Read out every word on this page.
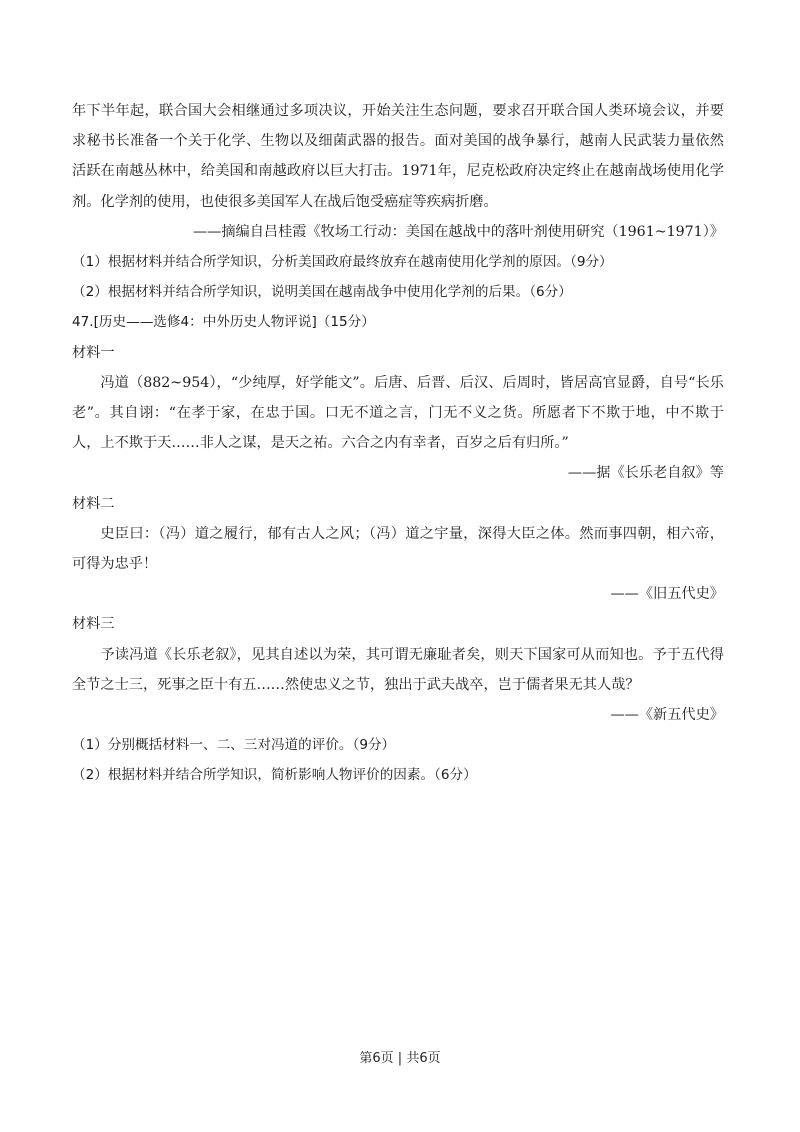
年下半年起，联合国大会相继通过多项决议，开始关注生态问题，要求召开联合国人类环境会议，并要求秘书长准备一个关于化学、生物以及细菌武器的报告。面对美国的战争暴行，越南人民武装力量依然活跃在南越丛林中，给美国和南越政府以巨大打击。1971年，尼克松政府决定终止在越南战场使用化学剂。化学剂的使用，也使很多美国军人在战后饱受癌症等疾病折磨。

——摘编自吕桂霞《牧场工行动：美国在越战中的落叶剂使用研究（1961~1971）》

（1）根据材料并结合所学知识，分析美国政府最终放弃在越南使用化学剂的原因。（9分）

（2）根据材料并结合所学知识，说明美国在越南战争中使用化学剂的后果。（6分）

47.[历史——选修4：中外历史人物评说]（15分）

材料一

冯道（882~954），“少纯厚，好学能文”。后唐、后晋、后汉、后周时，皆居高官显爵，自号“长乐老”。其自诩：“在孝于家，在忠于国。口无不道之言，门无不义之货。所愿者下不欺于地，中不欺于人，上不欺于天……非人之谋，是天之祐。六合之内有幸者，百岁之后有归所。”

——据《长乐老自叙》等

材料二

史臣曰：（冯）道之履行，郁有古人之风；（冯）道之宇量，深得大臣之体。然而事四朝，相六帝，可得为忠乎！

——《旧五代史》

材料三

予读冯道《长乐老叙》，见其自述以为荣，其可谓无廉耻者矣，则天下国家可从而知也。予于五代得全节之士三，死事之臣十有五……然使忠义之节，独出于武夫战卒，岂于儒者果无其人哉？

——《新五代史》

（1）分别概括材料一、二、三对冯道的评价。（9分）

（2）根据材料并结合所学知识，简析影响人物评价的因素。（6分）

第6页 | 共6页
